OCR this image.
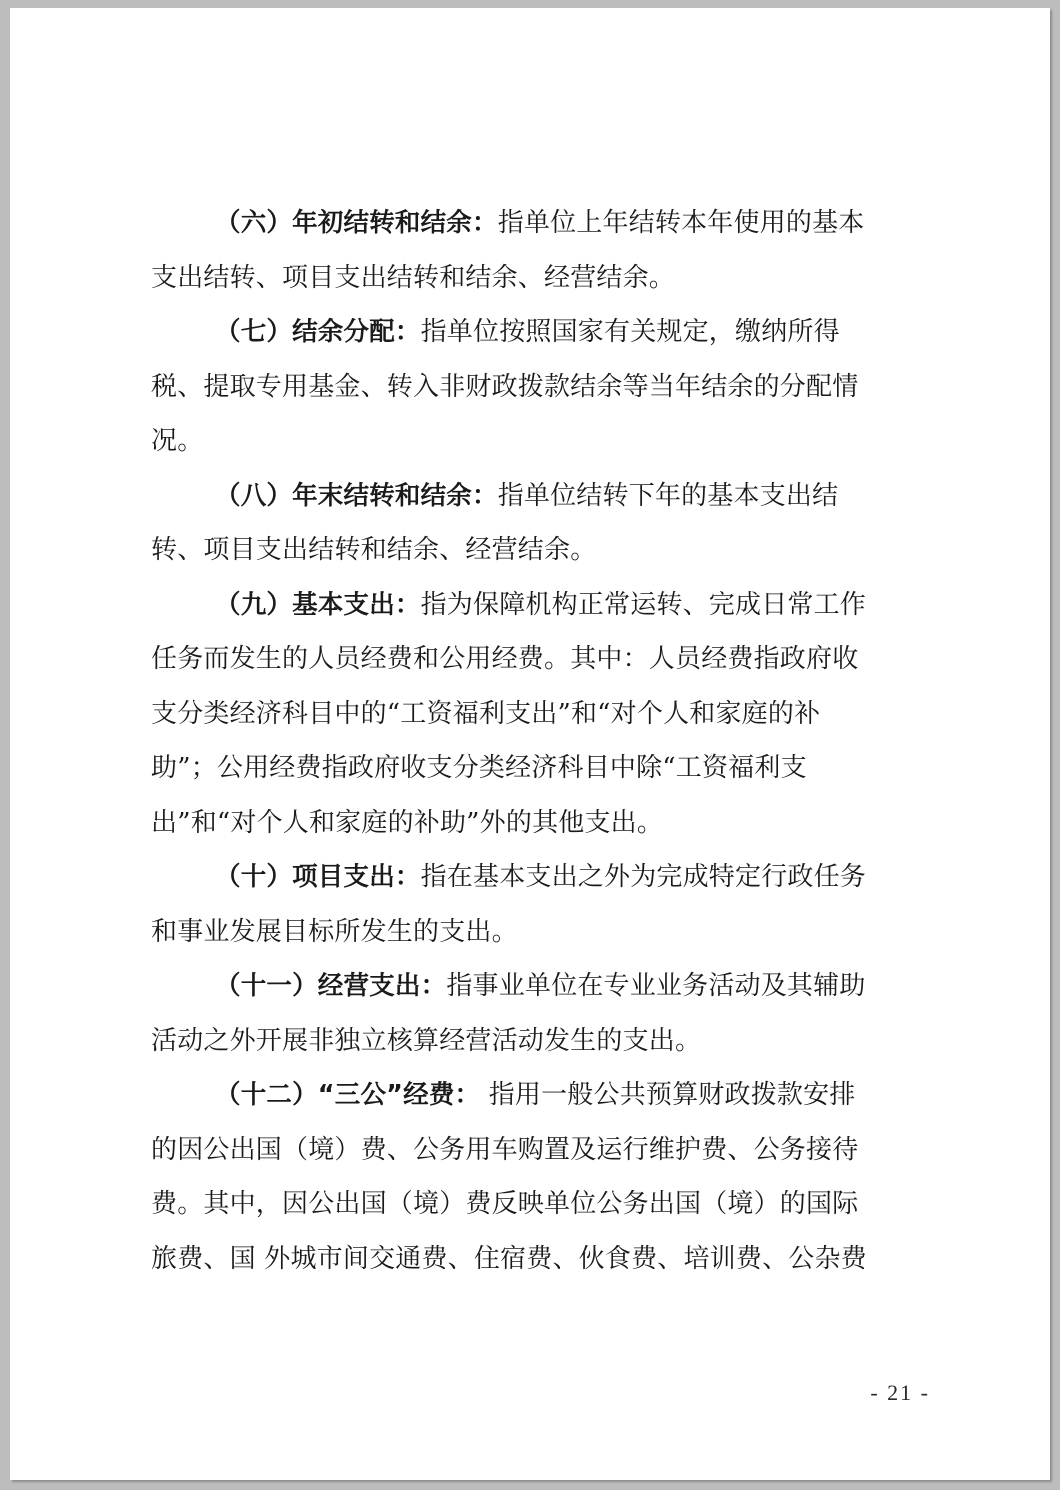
（六）年初结转和结余：指单位上年结转本年使用的基本
支出结转、项目支出结转和结余、经营结余。
（七）结余分配：指单位按照国家有关规定，缴纳所得
税、提取专用基金、转入非财政拨款结余等当年结余的分配情
况。
（八）年末结转和结余：指单位结转下年的基本支出结
转、项目支出结转和结余、经营结余。
（九）基本支出：指为保障机构正常运转、完成日常工作
任务而发生的人员经费和公用经费。其中：人员经费指政府收
支分类经济科目中的“工资福利支出”和“对个人和家庭的补
助”；公用经费指政府收支分类经济科目中除“工资福利支
出”和“对个人和家庭的补助”外的其他支出。
（十）项目支出：指在基本支出之外为完成特定行政任务
和事业发展目标所发生的支出。
（十一）经营支出：指事业单位在专业业务活动及其辅助
活动之外开展非独立核算经营活动发生的支出。
（十二）“三公”经费： 指用一般公共预算财政拨款安排
的因公出国（境）费、公务用车购置及运行维护费、公务接待
费。其中，因公出国（境）费反映单位公务出国（境）的国际
旅费、国 外城市间交通费、住宿费、伙食费、培训费、公杂费
- 21 -
